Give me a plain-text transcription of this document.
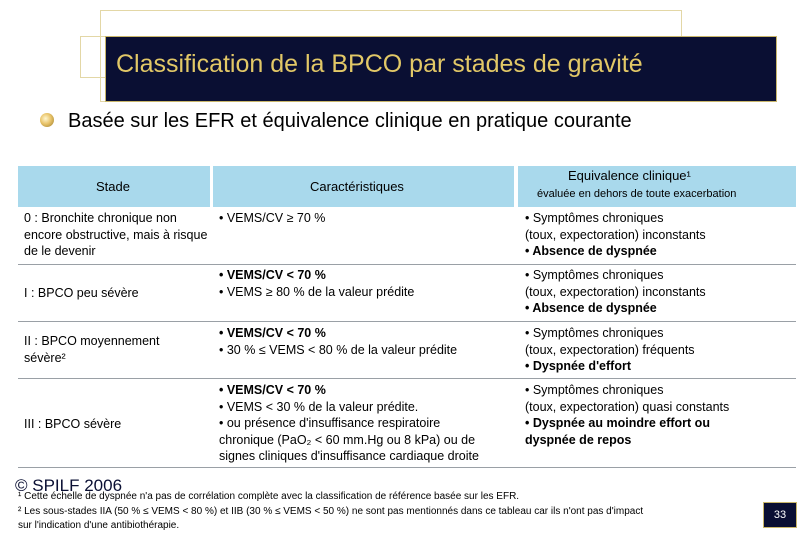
Classification de la BPCO par stades de gravité
Basée sur les EFR et équivalence clinique en pratique courante
Stade	Caractéristiques
Equivalence clinique¹
évaluée en dehors de toute exacerbation
0 : Bronchite chronique non encore obstructive, mais à risque de le devenir
• VEMS/CV ≥ 70 %	• Symptômes chroniques
(toux, expectoration) inconstants
• Absence de dyspnée
I : BPCO peu sévère
• VEMS/CV < 70 %
• VEMS ≥ 80 % de la valeur prédite
• Symptômes chroniques
(toux, expectoration) inconstants
• Absence de dyspnée
II : BPCO moyennement sévère²
• VEMS/CV < 70 %
• 30 % ≤ VEMS < 80 % de la valeur prédite
• Symptômes chroniques
(toux, expectoration) fréquents
• Dyspnée d'effort
III : BPCO sévère
• VEMS/CV < 70 %
• VEMS < 30 % de la valeur prédite.
• ou présence d'insuffisance respiratoire
chronique (PaO₂ < 60 mm.Hg ou 8 kPa) ou de
signes cliniques d'insuffisance cardiaque droite
• Symptômes chroniques
(toux, expectoration) quasi constants
• Dyspnée au moindre effort ou
dyspnée de repos
¹ Cette échelle de dyspnée n'a pas de corrélation complète avec la classification de référence basée sur les EFR.
² Les sous-stades IIA (50 % ≤ VEMS < 80 %) et IIB (30 % ≤ VEMS < 50 %) ne sont pas mentionnés dans ce tableau car ils n'ont pas d'impact
sur l'indication d'une antibiothérapie.
© SPILF 2006
33
